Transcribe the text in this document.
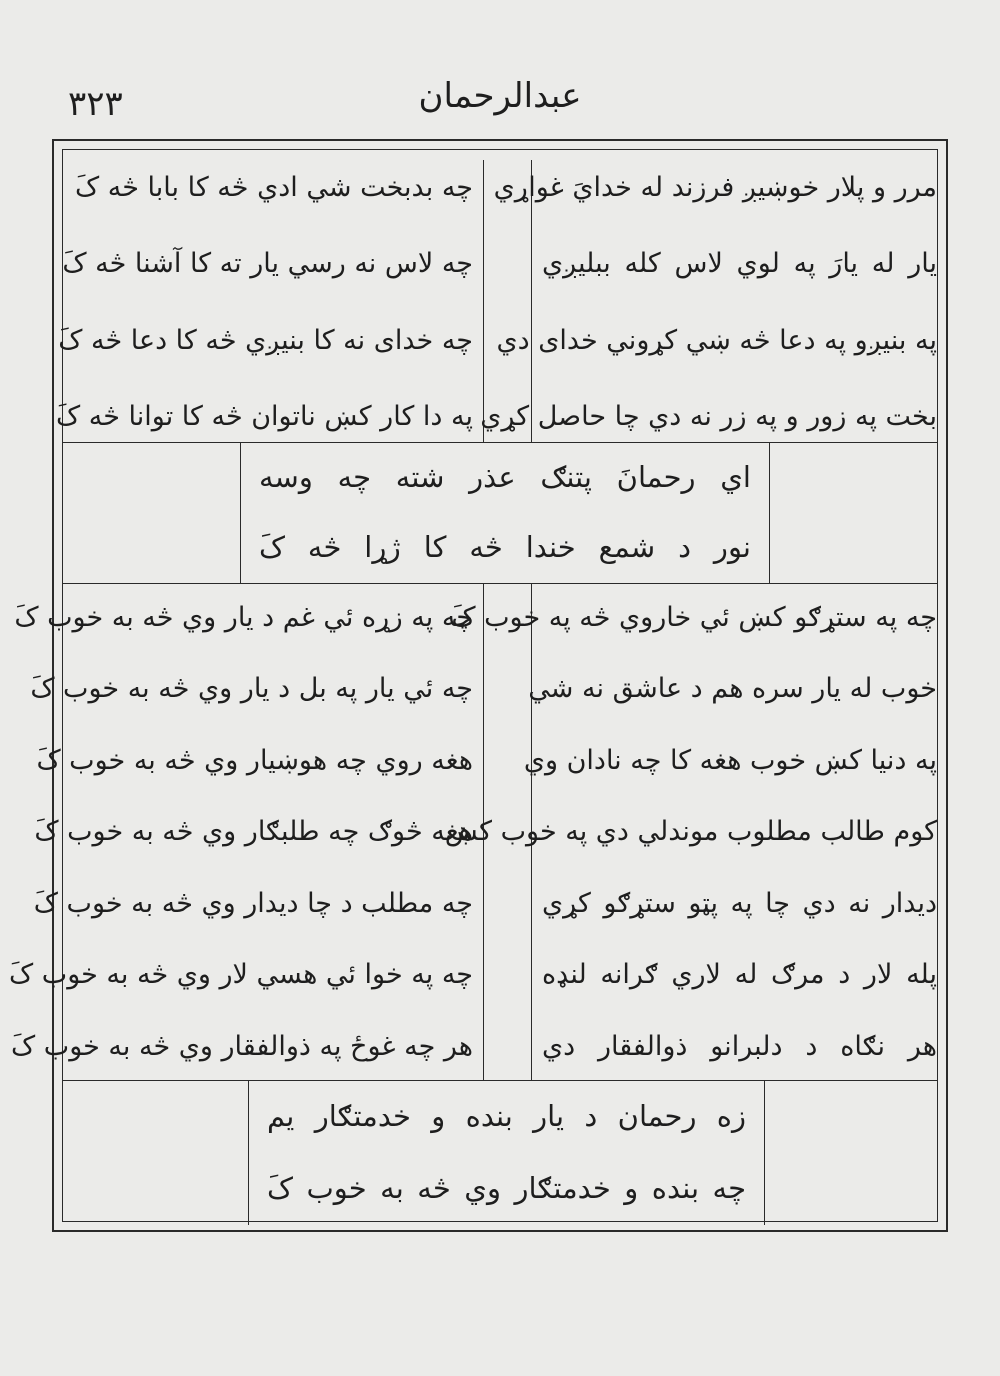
۳۲۳	عبدالرحمان
مرر و پلار خوښیږ فرزند له خدايَ غواړي
یار له یارَ په لوي لاس کله ببلیږي
په بنیږو په دعا څه ښي کړوني خدای دي
بخت په زور و په زر نه دي چا حاصل کړي
چه بدبخت شي ادي څه کا بابا څه کَ
چه لاس نه رسي يار ته کا آشنا څه کَ
چه خدای نه کا بنیږي څه کا دعا څه کَ
په دا کار کښ ناتوان څه کا توانا څه کَ
اي رحمانَ پتنګ عذر شته چه وسه
نور د شمع خندا څه کا ژړا څه کَ
چه په ستړګو کښ ئي خاروي څه په خوب کَ
خوب له یار سره هم د عاشق نه شي
په دنیا کښ خوب هغه کا چه نادان وي
کوم طالب مطلوب موندلي دي په خوب کښ
دیدار نه دي چا په پټو ستړګو کړي
پله لار د مرګ له لاري ګرانه لنډه
هر نګاه د دلبرانو ذوالفقار دي
چه په زړه ئي غم د یار وي څه به خوب کَ
چه ئي یار په بل د یار وي څه به خوب کَ
هغه روي چه هوښیار وي څه به خوب کَ
هغه څوګ چه طلبګار وي څه به خوب کَ
چه مطلب د چا دیدار وي څه به خوب کَ
چه په خوا ئي هسي لار وي څه به خوب کَ
هر چه غوځ په ذوالفقار وي څه به خوب کَ
زه رحمان د یار بنده و خدمتګار یم
چه بنده و خدمتګار وي څه به خوب کَ
